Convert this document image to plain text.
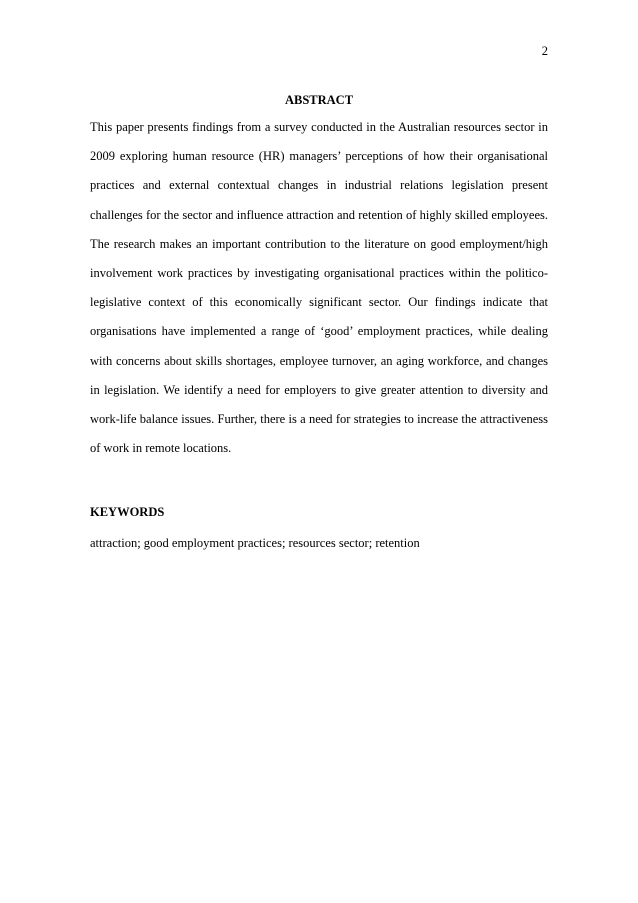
2
ABSTRACT

This paper presents findings from a survey conducted in the Australian resources sector in 2009 exploring human resource (HR) managers’ perceptions of how their organisational practices and external contextual changes in industrial relations legislation present challenges for the sector and influence attraction and retention of highly skilled employees. The research makes an important contribution to the literature on good employment/high involvement work practices by investigating organisational practices within the politico-legislative context of this economically significant sector. Our findings indicate that organisations have implemented a range of ‘good’ employment practices, while dealing with concerns about skills shortages, employee turnover, an aging workforce, and changes in legislation. We identify a need for employers to give greater attention to diversity and work-life balance issues. Further, there is a need for strategies to increase the attractiveness of work in remote locations.

KEYWORDS
attraction; good employment practices; resources sector; retention
